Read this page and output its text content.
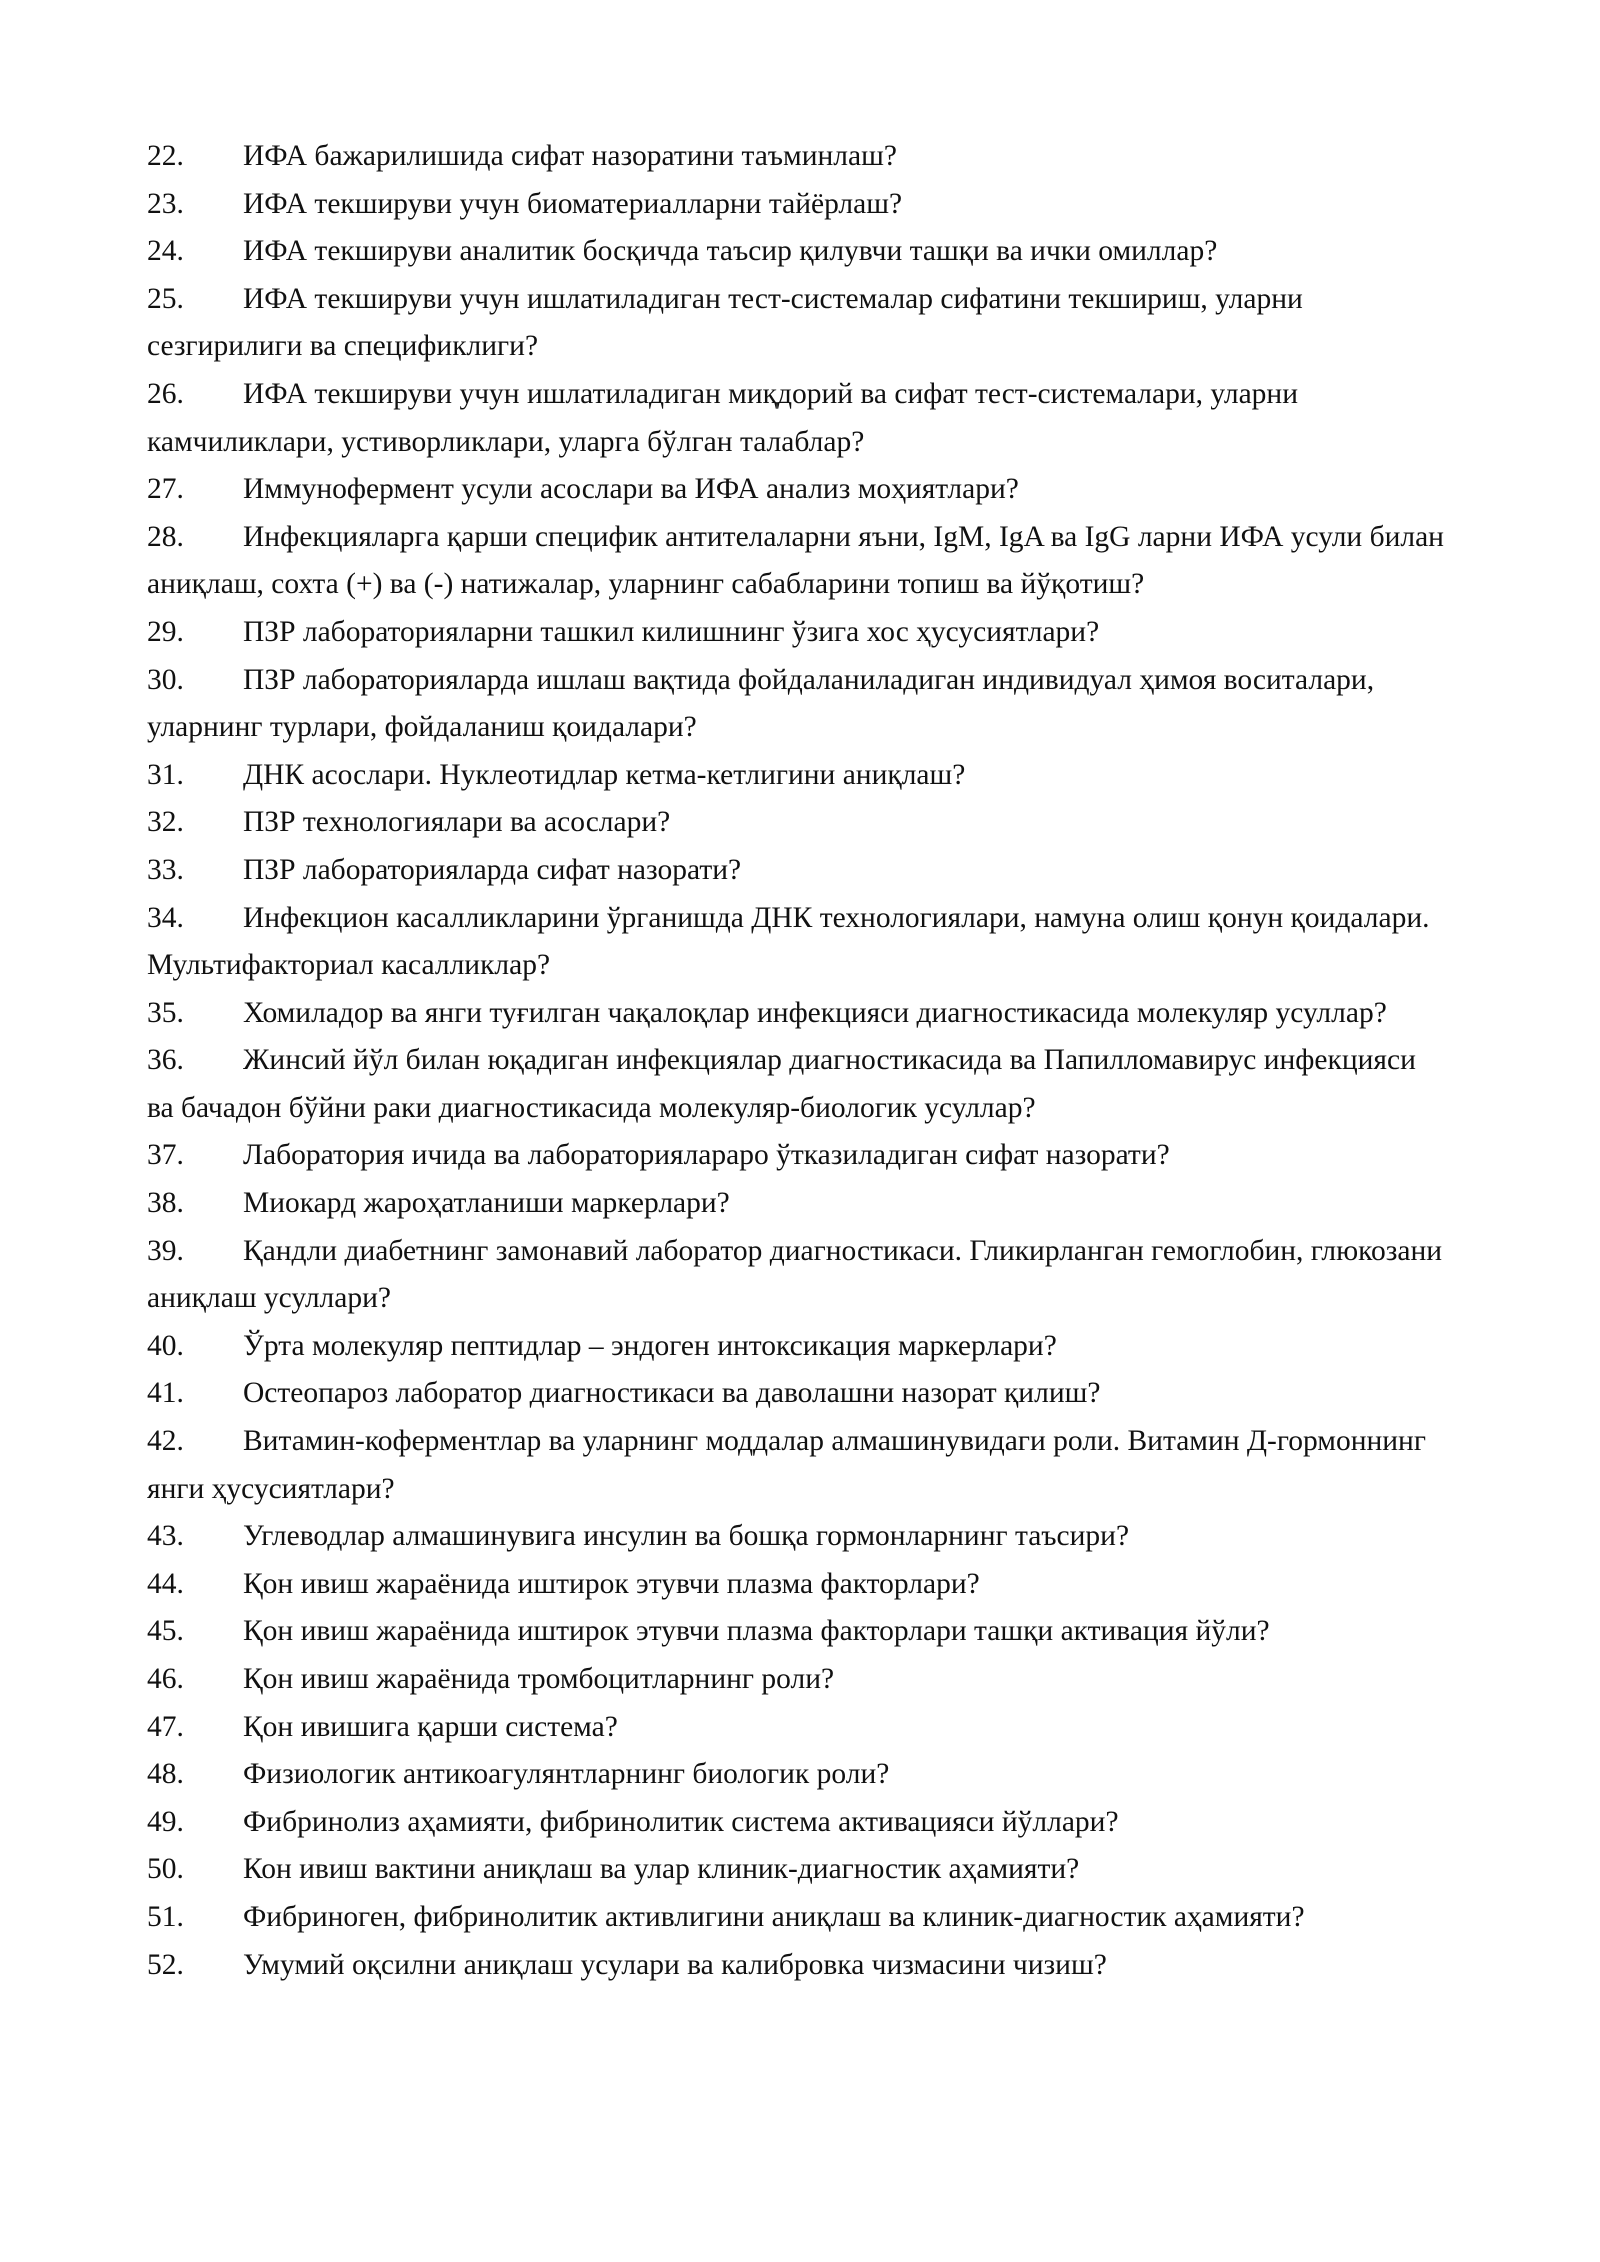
22. ИФА бажарилишида сифат назоратини таъминлаш?
23. ИФА текшируви учун биоматериалларни тайёрлаш?
24. ИФА текшируви аналитик босқичда таъсир қилувчи ташқи ва ички омиллар?
25. ИФА текшируви учун ишлатиладиган тест-системалар сифатини текшириш, уларни сезгирилиги ва спецификлиги?
26. ИФА текшируви учун ишлатиладиган миқдорий ва сифат тест-системалари, уларни камчиликлари, устиворликлари, уларга бўлган талаблар?
27. Иммунофермент усули асослари ва ИФА анализ моҳиятлари?
28. Инфекцияларга қарши специфик антителаларни яъни, IgM, IgA ва IgG ларни ИФА усули билан аниқлаш, сохта (+) ва (-) натижалар, уларнинг сабабларини топиш ва йўқотиш?
29. ПЗР лабораторияларни ташкил килишнинг ўзига хос ҳусусиятлари?
30. ПЗР лабораторияларда ишлаш вақтида фойдаланиладиган индивидуал ҳимоя воситалари, уларнинг турлари, фойдаланиш қоидалари?
31. ДНК асослари. Нуклеотидлар кетма-кетлигини аниқлаш?
32. ПЗР технологиялари ва асослари?
33. ПЗР лабораторияларда сифат назорати?
34. Инфекцион касалликларини ўрганишда ДНК технологиялари, намуна олиш қонун қоидалари. Мультифакториал касалликлар?
35. Хомиладор ва янги туғилган чақалоқлар инфекцияси диагностикасида молекуляр усуллар?
36. Жинсий йўл билан юқадиган инфекциялар диагностикасида ва Папилломавирус инфекцияси ва бачадон бўйни раки диагностикасида молекуляр-биологик усуллар?
37. Лаборатория ичида ва лабораториялараро ўтказиладиган сифат назорати?
38. Миокард жароҳатланиши маркерлари?
39. Қандли диабетнинг замонавий лаборатор диагностикаси. Гликирланган гемоглобин, глюкозани аниқлаш усуллари?
40. Ўрта молекуляр пептидлар – эндоген интоксикация маркерлари?
41. Остеопароз лаборатор диагностикаси ва даволашни назорат қилиш?
42. Витамин-коферментлар ва уларнинг моддалар алмашинувидаги роли. Витамин Д-гормоннинг янги ҳусусиятлари?
43. Углеводлар алмашинувига инсулин ва бошқа гормонларнинг таъсири?
44. Қон ивиш жараёнида иштирок этувчи плазма факторлари?
45. Қон ивиш жараёнида иштирок этувчи плазма факторлари ташқи активация йўли?
46. Қон ивиш жараёнида тромбоцитларнинг роли?
47. Қон ивишига қарши система?
48. Физиологик антикоагулянтларнинг биологик роли?
49. Фибринолиз аҳамияти, фибринолитик система активацияси йўллари?
50. Кон ивиш вактини аниқлаш ва улар клиник-диагностик аҳамияти?
51. Фибриноген, фибринолитик активлигини аниқлаш ва клиник-диагностик аҳамияти?
52. Умумий оқсилни аниқлаш усулари ва калибровка чизмасини чизиш?
